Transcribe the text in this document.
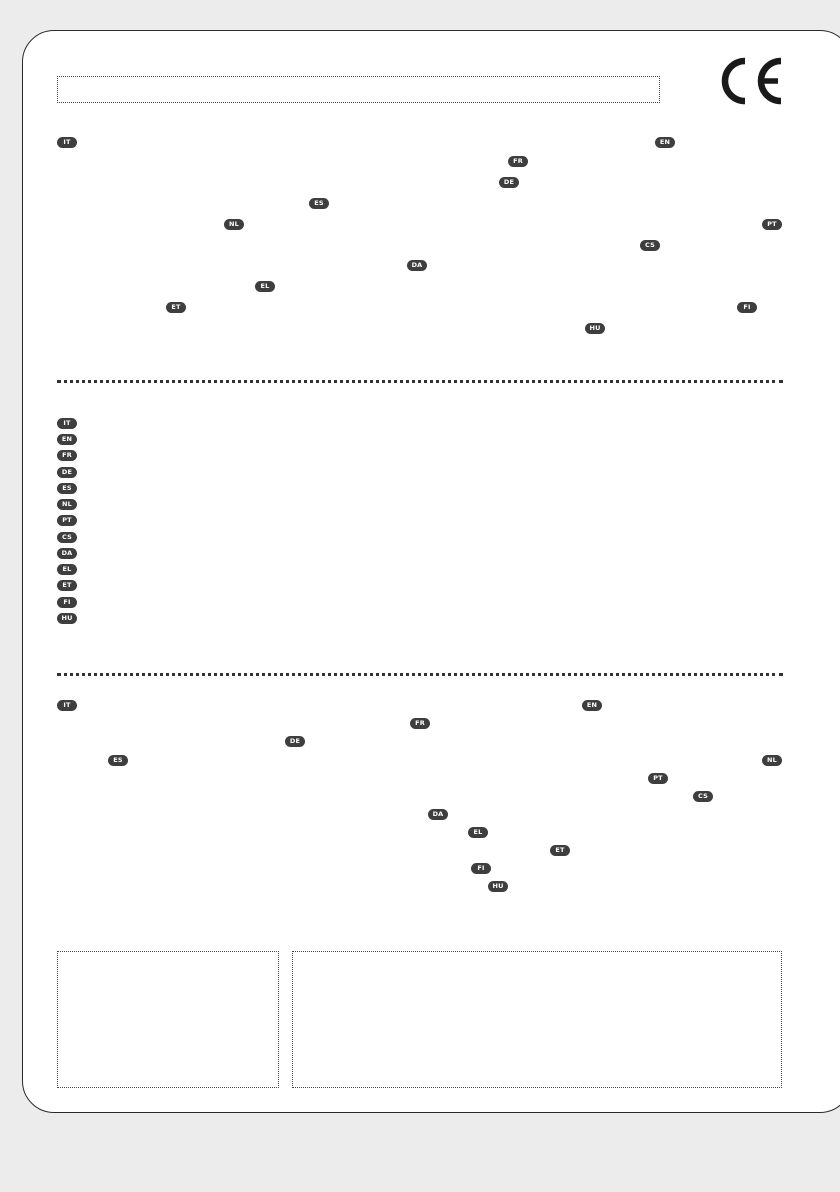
IT	EN
FR
DE
ES
NL	PT
CS
DA
EL
ET	FI
HU
IT
EN
FR
DE
ES
NL
PT
CS
DA
EL
ET
FI
HU
IT	EN
FR
DE
ES	NL
PT
CS
DA
EL
ET
FI
HU
